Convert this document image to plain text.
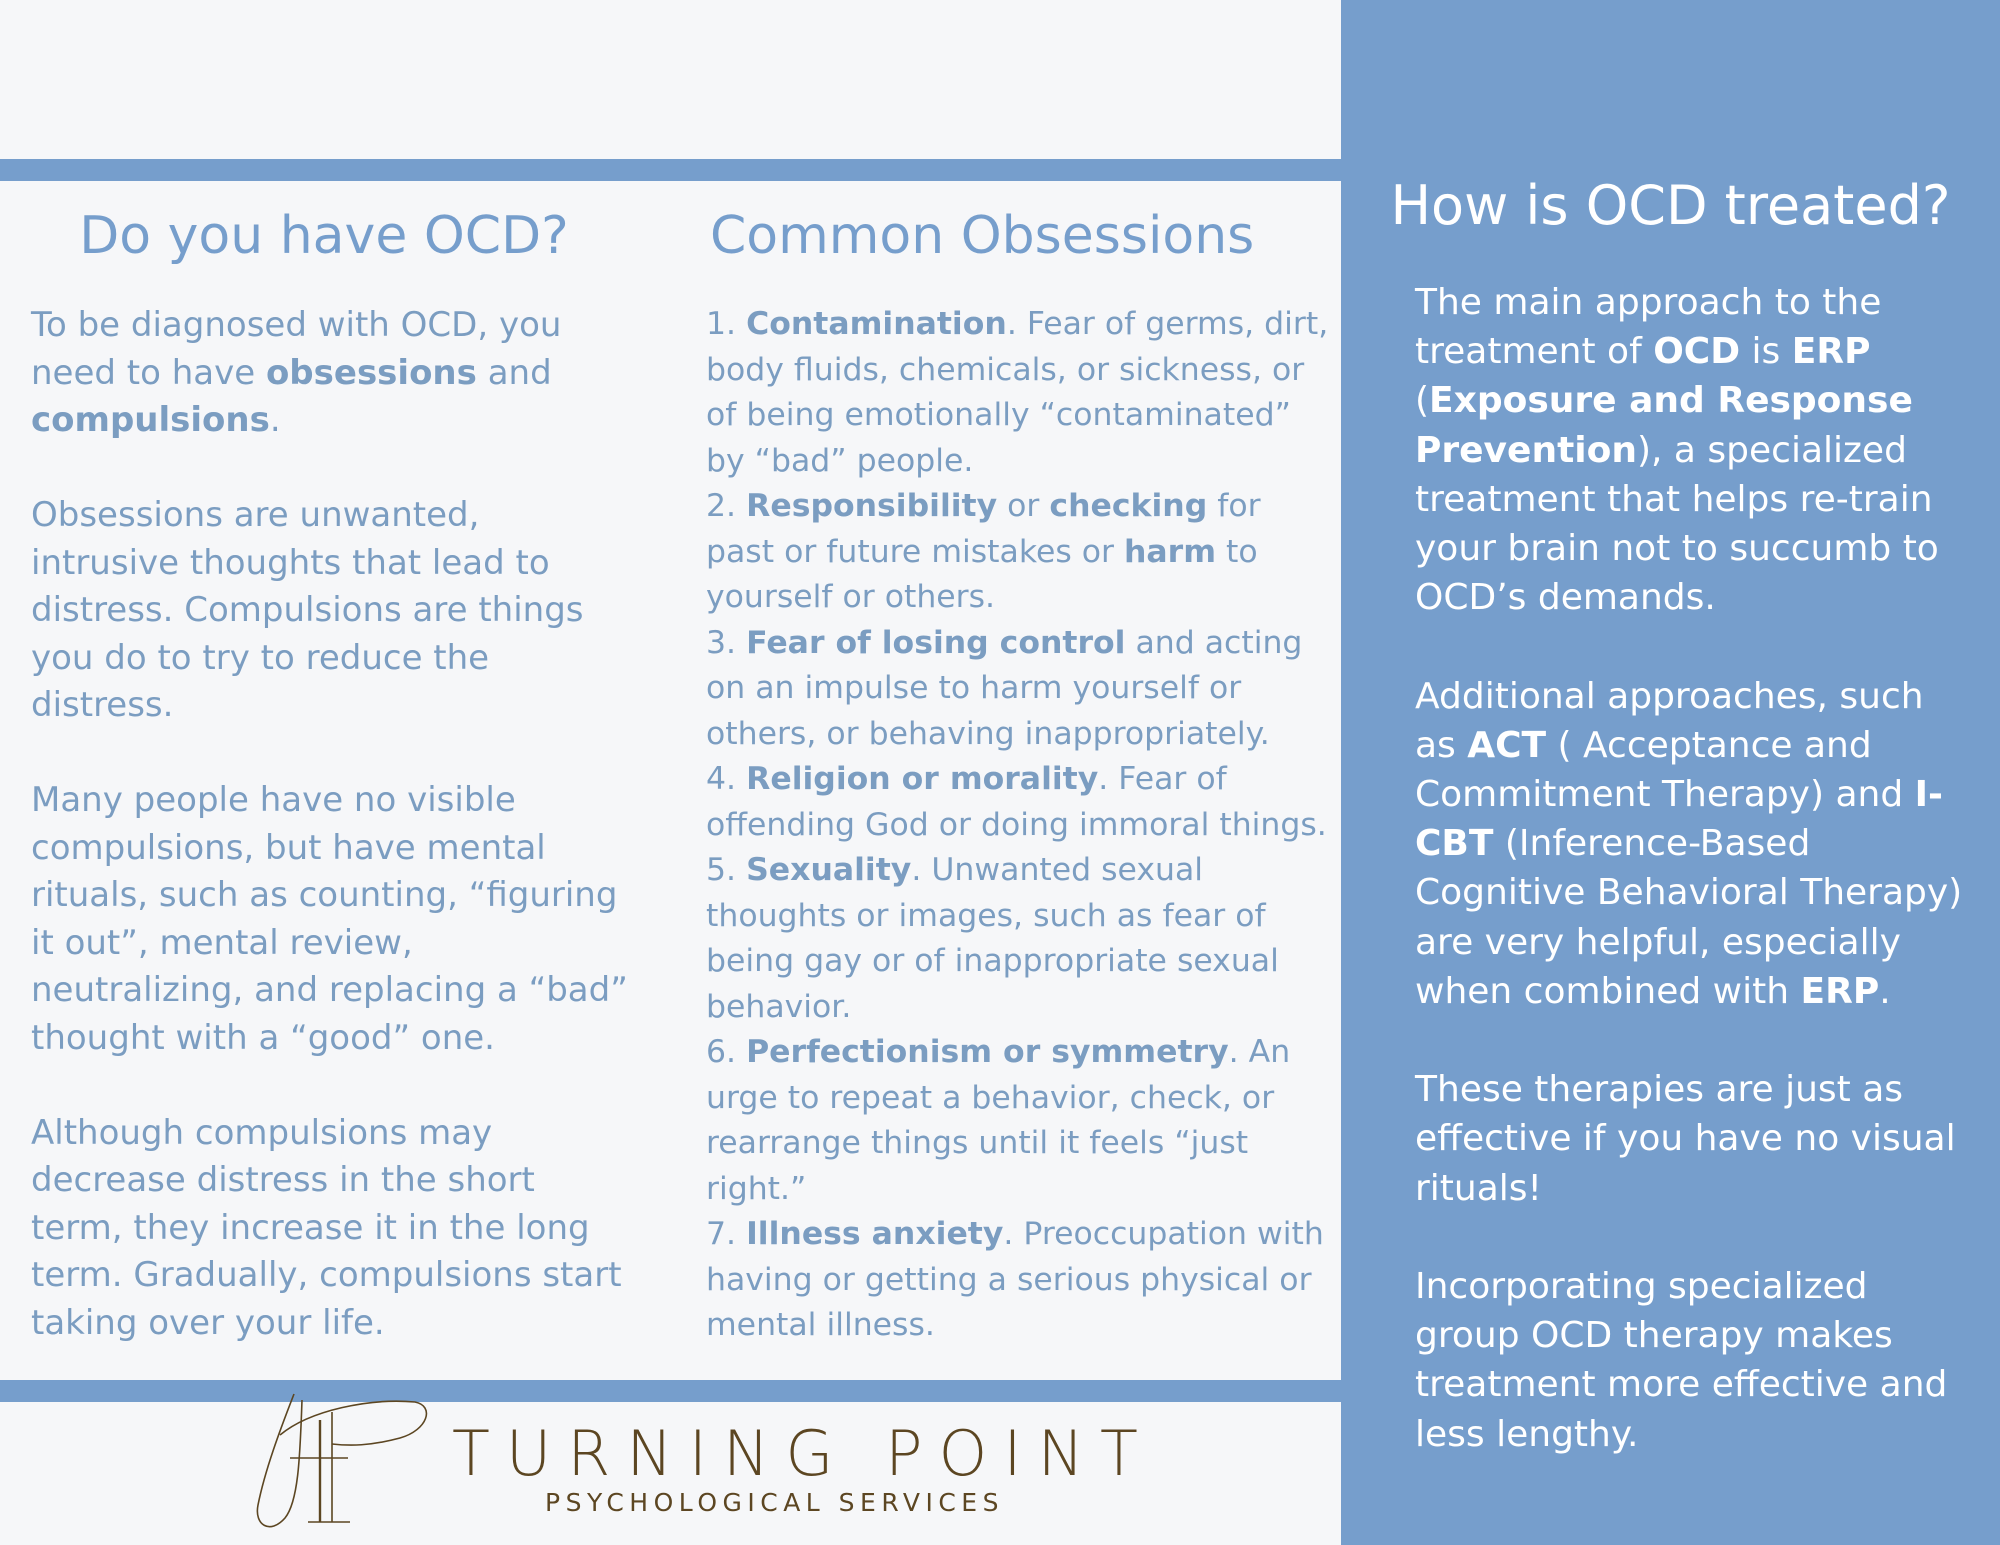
Do you have OCD?

To be diagnosed with OCD, you need to have obsessions and compulsions.

Obsessions are unwanted, intrusive thoughts that lead to distress. Compulsions are things you do to try to reduce the distress.

Many people have no visible compulsions, but have mental rituals, such as counting, “figuring it out”, mental review, neutralizing, and replacing a “bad” thought with a “good” one.

Although compulsions may decrease distress in the short term, they increase it in the long term. Gradually, compulsions start taking over your life.

Common Obsessions

1. Contamination. Fear of germs, dirt, body fluids, chemicals, or sickness, or of being emotionally “contaminated” by “bad” people.

2. Responsibility or checking for past or future mistakes or harm to yourself or others.

3. Fear of losing control and acting on an impulse to harm yourself or others, or behaving inappropriately.

4. Religion or morality. Fear of offending God or doing immoral things.

5. Sexuality. Unwanted sexual thoughts or images, such as fear of being gay or of inappropriate sexual behavior.

6. Perfectionism or symmetry. An urge to repeat a behavior, check, or rearrange things until it feels “just right.”

7. Illness anxiety. Preoccupation with having or getting a serious physical or mental illness.

How is OCD treated?

The main approach to the treatment of OCD is ERP (Exposure and Response Prevention), a specialized treatment that helps re-train your brain not to succumb to OCD’s demands.

Additional approaches, such as ACT ( Acceptance and Commitment Therapy) and I-CBT (Inference-Based Cognitive Behavioral Therapy) are very helpful, especially when combined with ERP.

These therapies are just as effective if you have no visual rituals!

Incorporating specialized group OCD therapy makes treatment more effective and less lengthy.

TURNING POINT
PSYCHOLOGICAL SERVICES
